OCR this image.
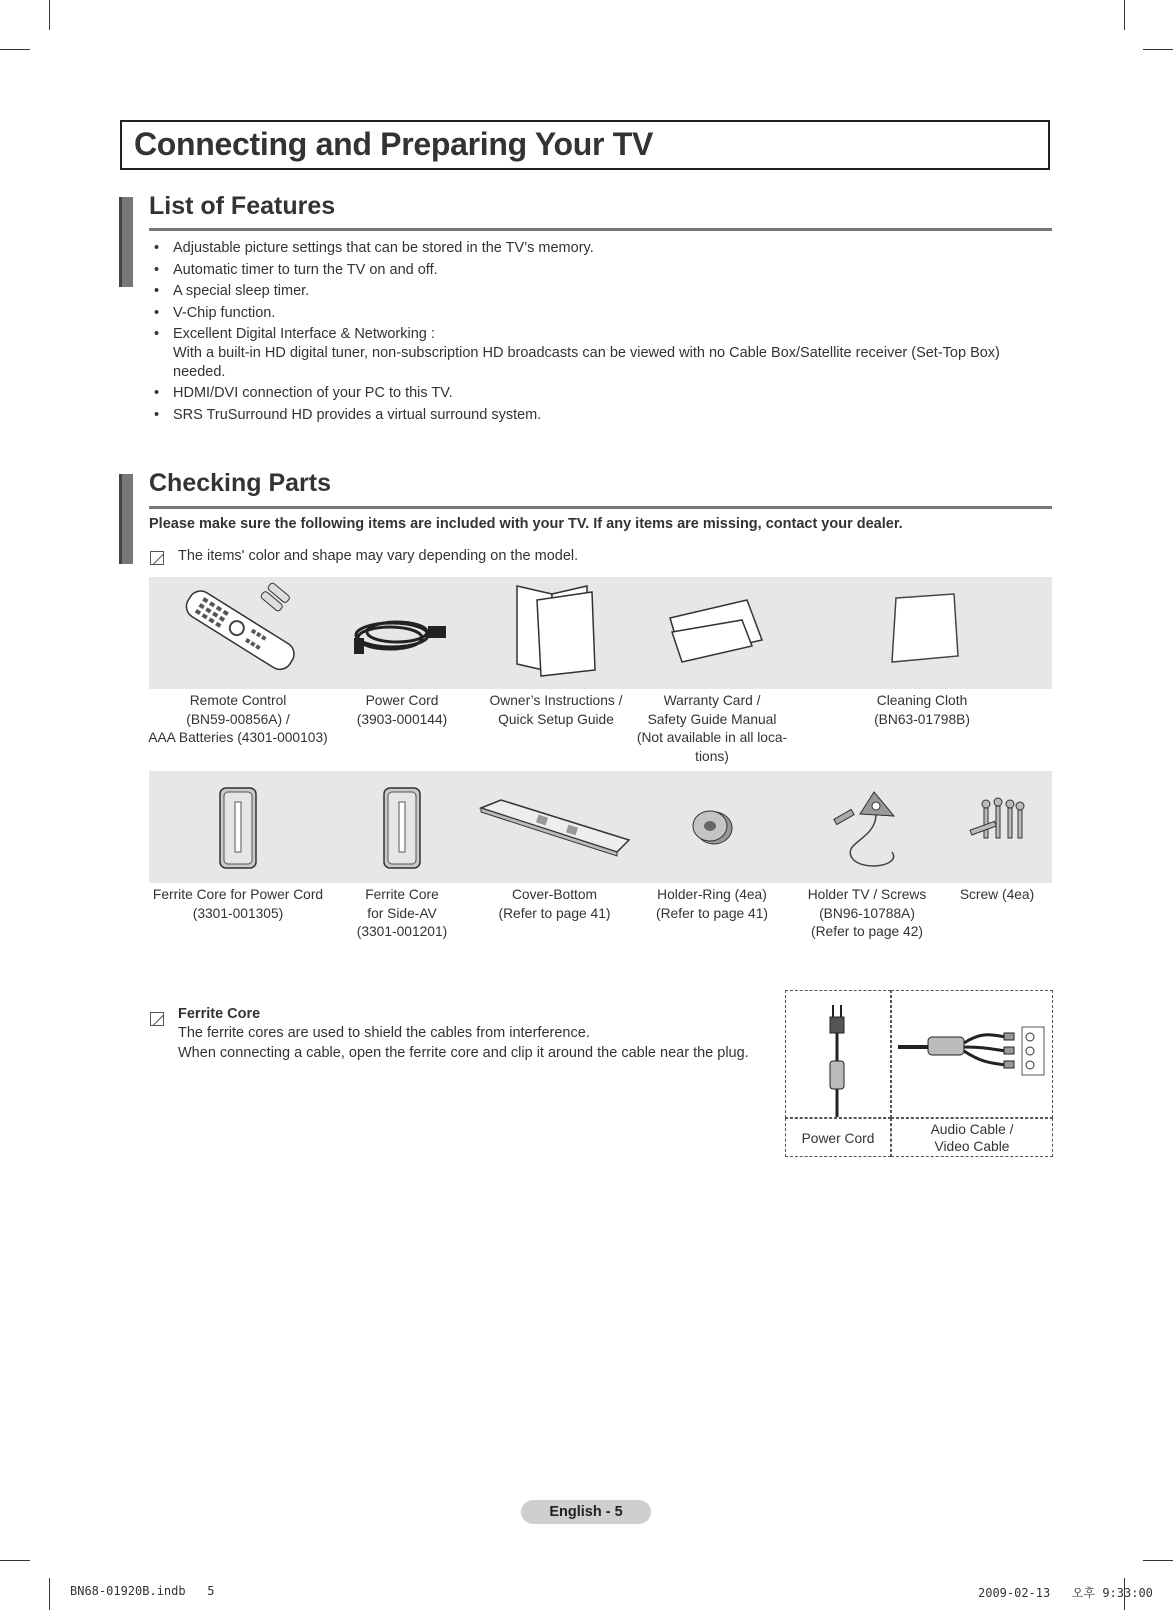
Connecting and Preparing Your TV
List of Features
• Adjustable picture settings that can be stored in the TV’s memory.
• Automatic timer to turn the TV on and off.
• A special sleep timer.
• V-Chip function.
• Excellent Digital Interface & Networking :
With a built-in HD digital tuner, non-subscription HD broadcasts can be viewed with no Cable Box/Satellite receiver (Set-Top Box) needed.
• HDMI/DVI connection of your PC to this TV.
• SRS TruSurround HD provides a virtual surround system.
Checking Parts
Please make sure the following items are included with your TV. If any items are missing, contact your dealer.
The items' color and shape may vary depending on the model.
Remote Control
(BN59-00856A) /
AAA Batteries (4301-000103)
Power Cord
(3903-000144)
Owner’s Instructions /
Quick Setup Guide
Warranty Card /
Safety Guide Manual
(Not available in all loca-
tions)
Cleaning Cloth
(BN63-01798B)
Ferrite Core for Power Cord
(3301-001305)
Ferrite Core
for Side-AV
(3301-001201)
Cover-Bottom
(Refer to page 41)
Holder-Ring (4ea)
(Refer to page 41)
Holder TV / Screws
(BN96-10788A)
(Refer to page 42)
Screw (4ea)
Ferrite Core
The ferrite cores are used to shield the cables from interference.
When connecting a cable, open the ferrite core and clip it around the cable near the plug.
Power Cord
Audio Cable /
Video Cable
English - 5
BN68-01920B.indb   5	2009-02-13   오후 9:33:00
